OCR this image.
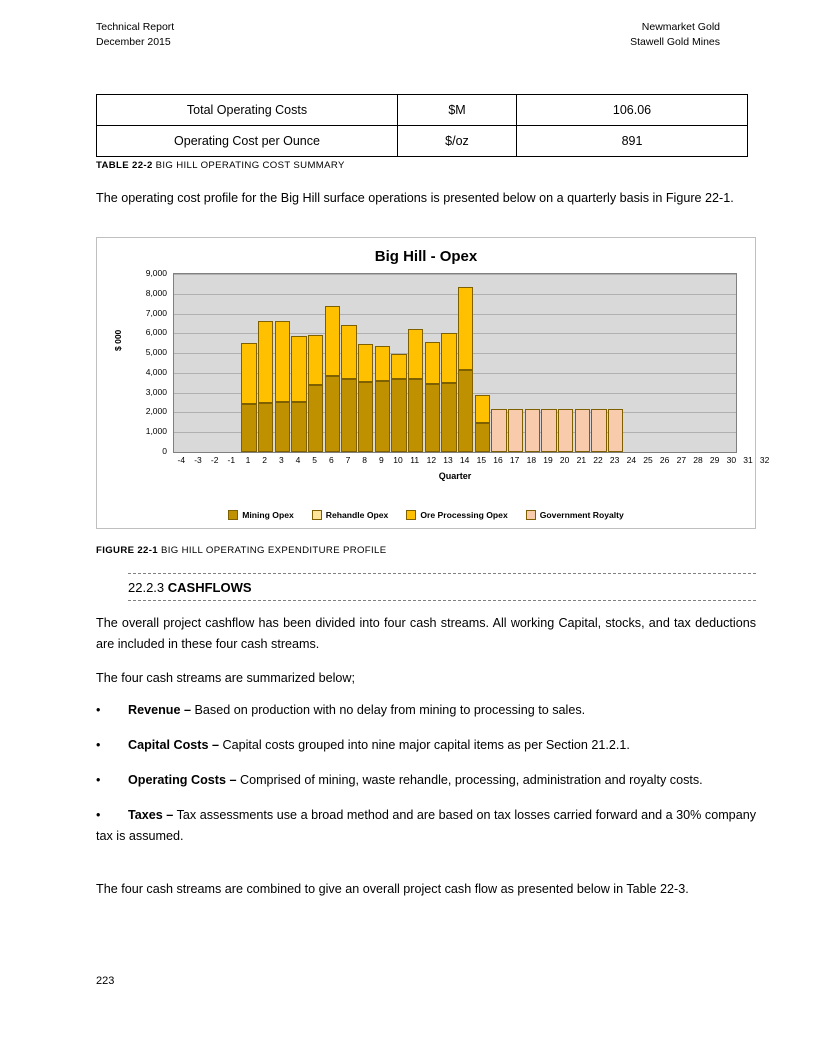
Technical Report
December 2015
Newmarket Gold
Stawell Gold Mines
Total Operating Costs	$M	106.06
Operating Cost per Ounce	$/oz	891
TABLE 22-2 BIG HILL OPERATING COST SUMMARY

The operating cost profile for the Big Hill surface operations is presented below on a quarterly basis in Figure 22-1.

Big Hill - Opex
$ 000
0
1,000
2,000
3,000
4,000
5,000
6,000
7,000
8,000
9,000
-4 -3 -2 -1 1 2 3 4 5 6 7 8 9 10 11 12 13 14 15 16 17 18 19 20 21 22 23 24 25 26 27 28 29 30 31 32
Quarter
Mining Opex	Rehandle Opex	Ore Processing Opex	Government Royalty
FIGURE 22-1 BIG HILL OPERATING EXPENDITURE PROFILE
22.2.3 CASHFLOWS

The overall project cashflow has been divided into four cash streams. All working Capital, stocks, and tax deductions are included in these four cash streams.

The four cash streams are summarized below;

•	Revenue – Based on production with no delay from mining to processing to sales.
•	Capital Costs – Capital costs grouped into nine major capital items as per Section 21.2.1.
•	Operating Costs – Comprised of mining, waste rehandle, processing, administration and royalty costs.
•	Taxes – Tax assessments use a broad method and are based on tax losses carried forward and a 30% company tax is assumed.

The four cash streams are combined to give an overall project cash flow as presented below in Table 22-3.

223
